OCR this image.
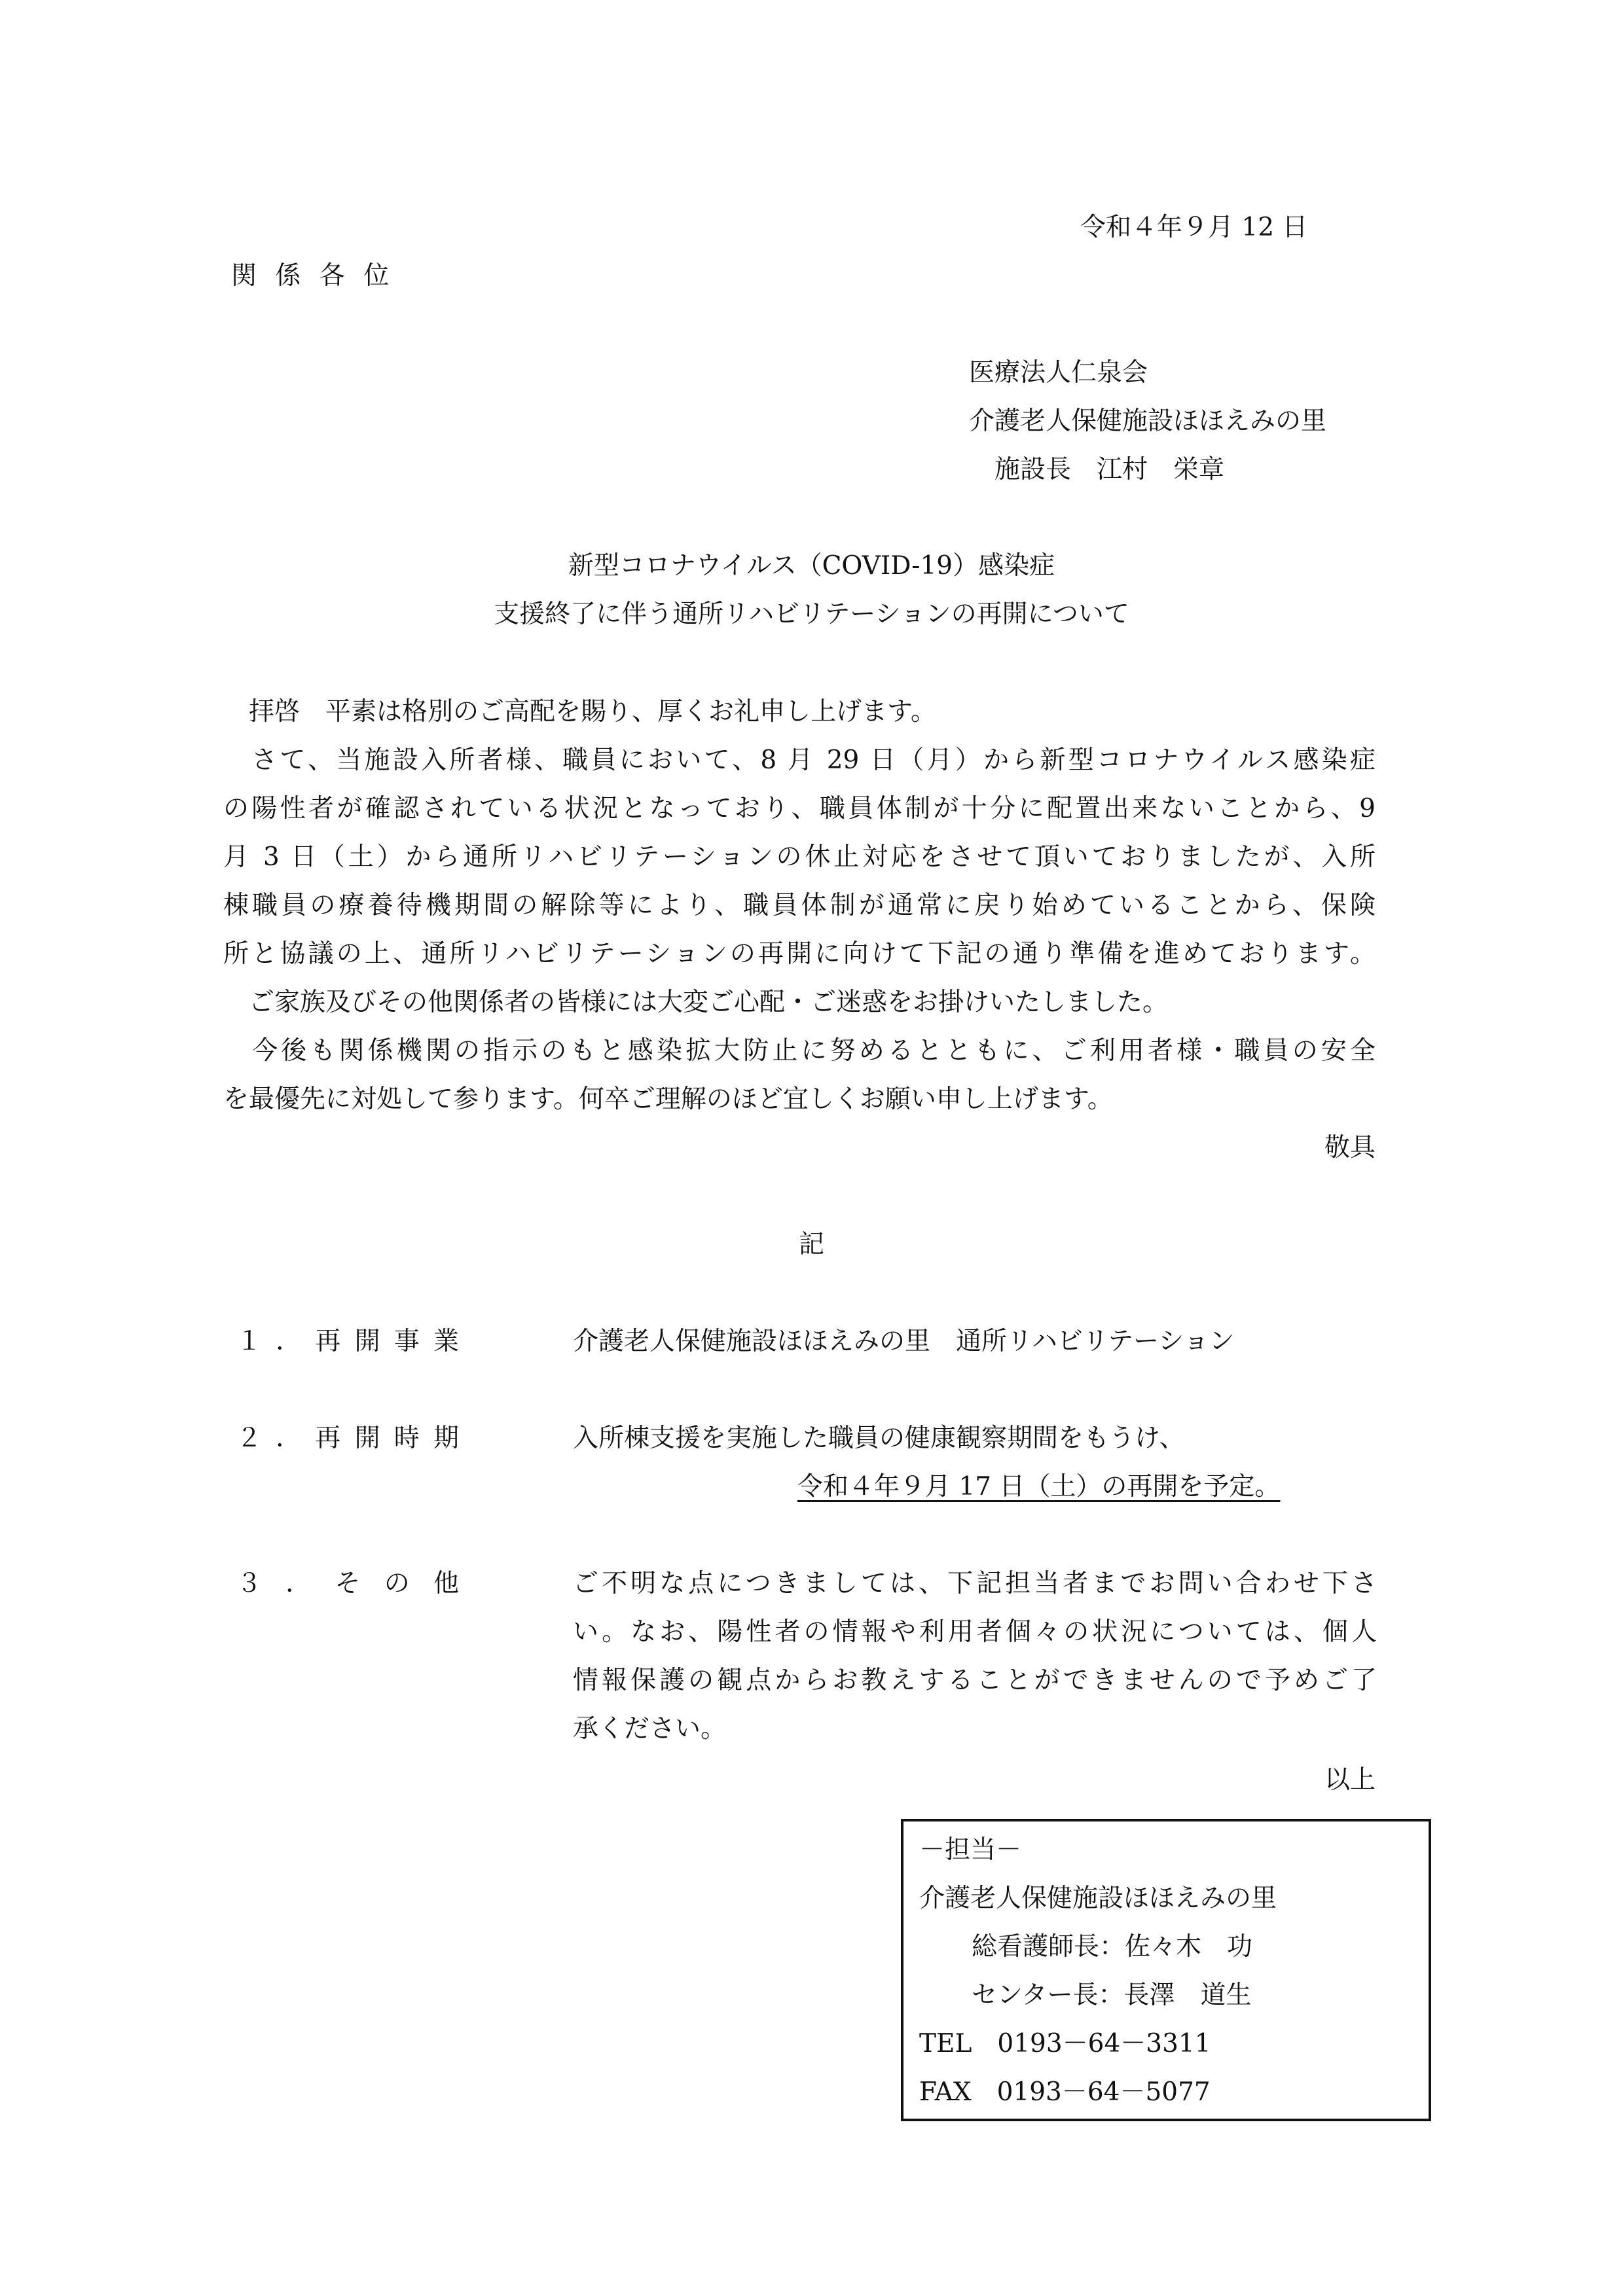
令和４年９月 12 日
関 係 各 位
医療法人仁泉会
介護老人保健施設ほほえみの里
施設長　江村　栄章
新型コロナウイルス（COVID-19）感染症
支援終了に伴う通所リハビリテーションの再開について
　拝啓　平素は格別のご高配を賜り、厚くお礼申し上げます。
　さて、当施設入所者様、職員において、8 月 29 日（月）から新型コロナウイルス感染症
の陽性者が確認されている状況となっており、職員体制が十分に配置出来ないことから、9
月 3 日（土）から通所リハビリテーションの休止対応をさせて頂いておりましたが、入所
棟職員の療養待機期間の解除等により、職員体制が通常に戻り始めていることから、保険
所と協議の上、通所リハビリテーションの再開に向けて下記の通り準備を進めております。
　ご家族及びその他関係者の皆様には大変ご心配・ご迷惑をお掛けいたしました。
　今後も関係機関の指示のもと感染拡大防止に努めるとともに、ご利用者様・職員の安全
を最優先に対処して参ります。何卒ご理解のほど宜しくお願い申し上げます。
敬具
記
１．再開事業	介護老人保健施設ほほえみの里　通所リハビリテーション
２．再開時期	入所棟支援を実施した職員の健康観察期間をもうけ、
令和４年９月 17 日（土）の再開を予定。
３．その他	ご不明な点につきましては、下記担当者までお問い合わせ下さ
い。なお、陽性者の情報や利用者個々の状況については、個人
情報保護の観点からお教えすることができませんので予めご了
承ください。
以上
－担当－
介護老人保健施設ほほえみの里
総看護師長：佐々木　功
センター長：長澤　道生
TEL　0193－64－3311
FAX　0193－64－5077
